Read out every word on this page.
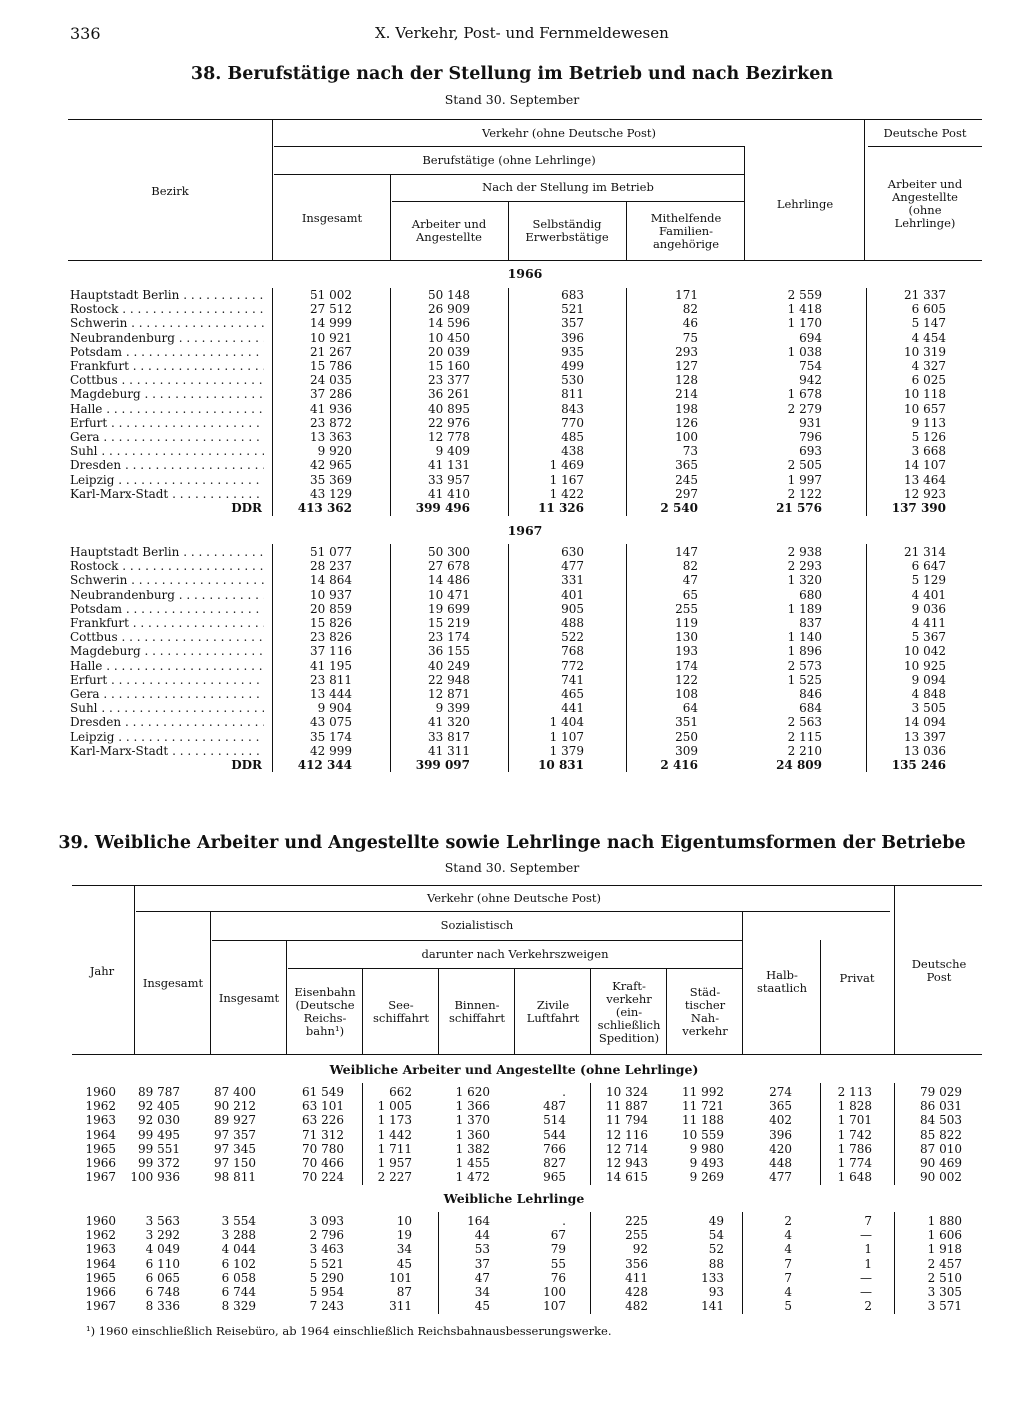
336	X. Verkehr, Post- und Fernmeldewesen
38. Berufstätige nach der Stellung im Betrieb und nach Bezirken
Stand 30. September
Verkehr (ohne Deutsche Post)	Deutsche Post
Berufstätige (ohne Lehrlinge)
Nach der Stellung im Betrieb
Bezirk
Insgesamt	Arbeiter und Angestellte
Selbständig Erwerbstätige
Mithelfende Familien-angehörige
Lehrlinge
Arbeiter und Angestellte (ohne Lehrlinge)
1966
Hauptstadt Berlin . . .	51 002	50 148	683	171	2 559	21 337
Rostock . . .	27 512	26 909	521	82	1 418	6 605
Schwerin . . .	14 999	14 596	357	46	1 170	5 147
Neubrandenburg . . .	10 921	10 450	396	75	694	4 454
Potsdam . . .	21 267	20 039	935	293	1 038	10 319
Frankfurt . . .	15 786	15 160	499	127	754	4 327
Cottbus . . .	24 035	23 377	530	128	942	6 025
Magdeburg . . .	37 286	36 261	811	214	1 678	10 118
Halle . . .	41 936	40 895	843	198	2 279	10 657
Erfurt . . .	23 872	22 976	770	126	931	9 113
Gera . . .	13 363	12 778	485	100	796	5 126
Suhl . . .	9 920	9 409	438	73	693	3 668
Dresden . . .	42 965	41 131	1 469	365	2 505	14 107
Leipzig . . .	35 369	33 957	1 167	245	1 997	13 464
Karl-Marx-Stadt . . .	43 129	41 410	1 422	297	2 122	12 923
DDR	413 362	399 496	11 326	2 540	21 576	137 390
1967
Hauptstadt Berlin . . .	51 077	50 300	630	147	2 938	21 314
Rostock . . .	28 237	27 678	477	82	2 293	6 647
Schwerin . . .	14 864	14 486	331	47	1 320	5 129
Neubrandenburg . . .	10 937	10 471	401	65	680	4 401
Potsdam . . .	20 859	19 699	905	255	1 189	9 036
Frankfurt . . .	15 826	15 219	488	119	837	4 411
Cottbus . . .	23 826	23 174	522	130	1 140	5 367
Magdeburg . . .	37 116	36 155	768	193	1 896	10 042
Halle . . .	41 195	40 249	772	174	2 573	10 925
Erfurt . . .	23 811	22 948	741	122	1 525	9 094
Gera . . .	13 444	12 871	465	108	846	4 848
Suhl . . .	9 904	9 399	441	64	684	3 505
Dresden . . .	43 075	41 320	1 404	351	2 563	14 094
Leipzig . . .	35 174	33 817	1 107	250	2 115	13 397
Karl-Marx-Stadt . . .	42 999	41 311	1 379	309	2 210	13 036
DDR	412 344	399 097	10 831	2 416	24 809	135 246
39. Weibliche Arbeiter und Angestellte sowie Lehrlinge nach Eigentumsformen der Betriebe
Stand 30. September
Verkehr (ohne Deutsche Post)
Sozialistisch
darunter nach Verkehrszweigen
Jahr
Insgesamt
Insgesamt	Eisenbahn (Deutsche Reichs-bahn¹)
See-schiffahrt
Binnen-schiffahrt
Zivile Luftfahrt
Kraft-verkehr (ein-schließlich Spedition)
Städ-tischer Nah-verkehr
Halb-staatlich
Privat
Deutsche Post
Weibliche Arbeiter und Angestellte (ohne Lehrlinge)
1960	89 787	87 400	61 549	662	1 620	.	10 324	11 992	274	2 113	79 029
1962	92 405	90 212	63 101	1 005	1 366	487	11 887	11 721	365	1 828	86 031
1963	92 030	89 927	63 226	1 173	1 370	514	11 794	11 188	402	1 701	84 503
1964	99 495	97 357	71 312	1 442	1 360	544	12 116	10 559	396	1 742	85 822
1965	99 551	97 345	70 780	1 711	1 382	766	12 714	9 980	420	1 786	87 010
1966	99 372	97 150	70 466	1 957	1 455	827	12 943	9 493	448	1 774	90 469
1967	100 936	98 811	70 224	2 227	1 472	965	14 615	9 269	477	1 648	90 002
Weibliche Lehrlinge
1960	3 563	3 554	3 093	10	164	.	225	49	2	7	1 880
1962	3 292	3 288	2 796	19	44	67	255	54	4	—	1 606
1963	4 049	4 044	3 463	34	53	79	92	52	4	1	1 918
1964	6 110	6 102	5 521	45	37	55	356	88	7	1	2 457
1965	6 065	6 058	5 290	101	47	76	411	133	7	—	2 510
1966	6 748	6 744	5 954	87	34	100	428	93	4	—	3 305
1967	8 336	8 329	7 243	311	45	107	482	141	5	2	3 571
¹) 1960 einschließlich Reisebüro, ab 1964 einschließlich Reichsbahnausbesserungswerke.
